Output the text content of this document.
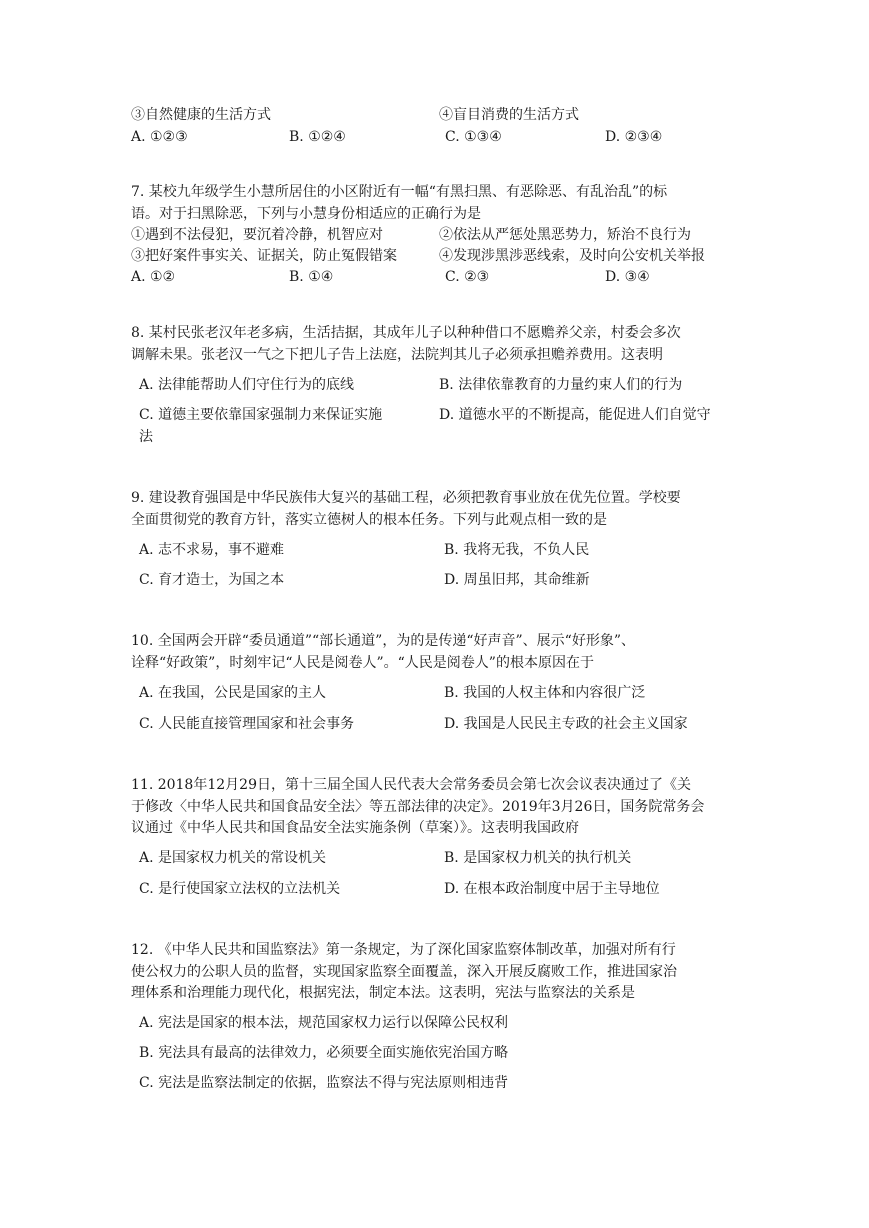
③自然健康的生活方式	④盲目消费的生活方式
A. ①②③	B. ①②④	C. ①③④	D. ②③④
7. 某校九年级学生小慧所居住的小区附近有一幅“有黑扫黑、有恶除恶、有乱治乱”的标
语。对于扫黑除恶，下列与小慧身份相适应的正确行为是
①遇到不法侵犯，要沉着冷静，机智应对	②依法从严惩处黑恶势力，矫治不良行为
③把好案件事实关、证据关，防止冤假错案	④发现涉黑涉恶线索，及时向公安机关举报
A. ①②	B. ①④	C. ②③	D. ③④
8. 某村民张老汉年老多病，生活拮据，其成年儿子以种种借口不愿赡养父亲，村委会多次
调解未果。张老汉一气之下把儿子告上法庭，法院判其儿子必须承担赡养费用。这表明
A. 法律能帮助人们守住行为的底线	B. 法律依靠教育的力量约束人们的行为
C. 道德主要依靠国家强制力来保证实施	D. 道德水平的不断提高，能促进人们自觉守
法
9. 建设教育强国是中华民族伟大复兴的基础工程，必须把教育事业放在优先位置。学校要
全面贯彻党的教育方针，落实立德树人的根本任务。下列与此观点相一致的是
A. 志不求易，事不避难	B. 我将无我，不负人民
C. 育才造士，为国之本	D. 周虽旧邦，其命维新
10. 全国两会开辟“委员通道”“部长通道”，为的是传递“好声音”、展示“好形象”、
诠释“好政策”，时刻牢记“人民是阅卷人”。“人民是阅卷人”的根本原因在于
A. 在我国，公民是国家的主人	B. 我国的人权主体和内容很广泛
C. 人民能直接管理国家和社会事务	D. 我国是人民民主专政的社会主义国家
11. 2018年12月29日，第十三届全国人民代表大会常务委员会第七次会议表决通过了《关
于修改〈中华人民共和国食品安全法〉等五部法律的决定》。2019年3月26日，国务院常务会
议通过《中华人民共和国食品安全法实施条例（草案）》。这表明我国政府
A. 是国家权力机关的常设机关	B. 是国家权力机关的执行机关
C. 是行使国家立法权的立法机关	D. 在根本政治制度中居于主导地位
12. 《中华人民共和国监察法》第一条规定，为了深化国家监察体制改革，加强对所有行
使公权力的公职人员的监督，实现国家监察全面覆盖，深入开展反腐败工作，推进国家治
理体系和治理能力现代化，根据宪法，制定本法。这表明，宪法与监察法的关系是
A. 宪法是国家的根本法，规范国家权力运行以保障公民权利
B. 宪法具有最高的法律效力，必须要全面实施依宪治国方略
C. 宪法是监察法制定的依据，监察法不得与宪法原则相违背
